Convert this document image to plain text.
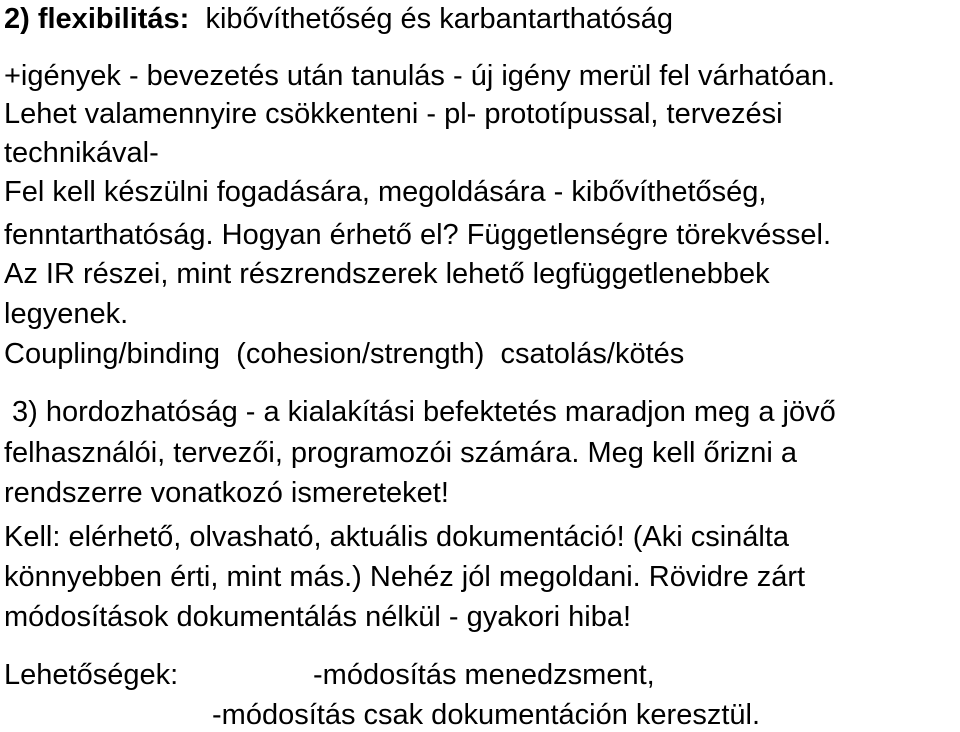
2) flexibilitás: kibővíthetőség és karbantarthatóság
+igények - bevezetés után tanulás - új igény merül fel várhatóan.
Lehet valamennyire csökkenteni - pl- prototípussal, tervezési
technikával-
Fel kell készülni fogadására, megoldására - kibővíthetőség,
fenntarthatóság. Hogyan érhető el? Függetlenségre törekvéssel.
Az IR részei, mint részrendszerek lehető legfüggetlenebbek
legyenek.
Coupling/binding  (cohesion/strength)  csatolás/kötés
3) hordozhatóság - a kialakítási befektetés maradjon meg a jövő
felhasználói, tervezői, programozói számára. Meg kell őrizni a
rendszerre vonatkozó ismereteket!
Kell: elérhető, olvasható, aktuális dokumentáció! (Aki csinálta
könnyebben érti, mint más.) Nehéz jól megoldani. Rövidre zárt
módosítások dokumentálás nélkül - gyakori hiba!
Lehetőségek:	-módosítás menedzsment,
-módosítás csak dokumentáción keresztül.
